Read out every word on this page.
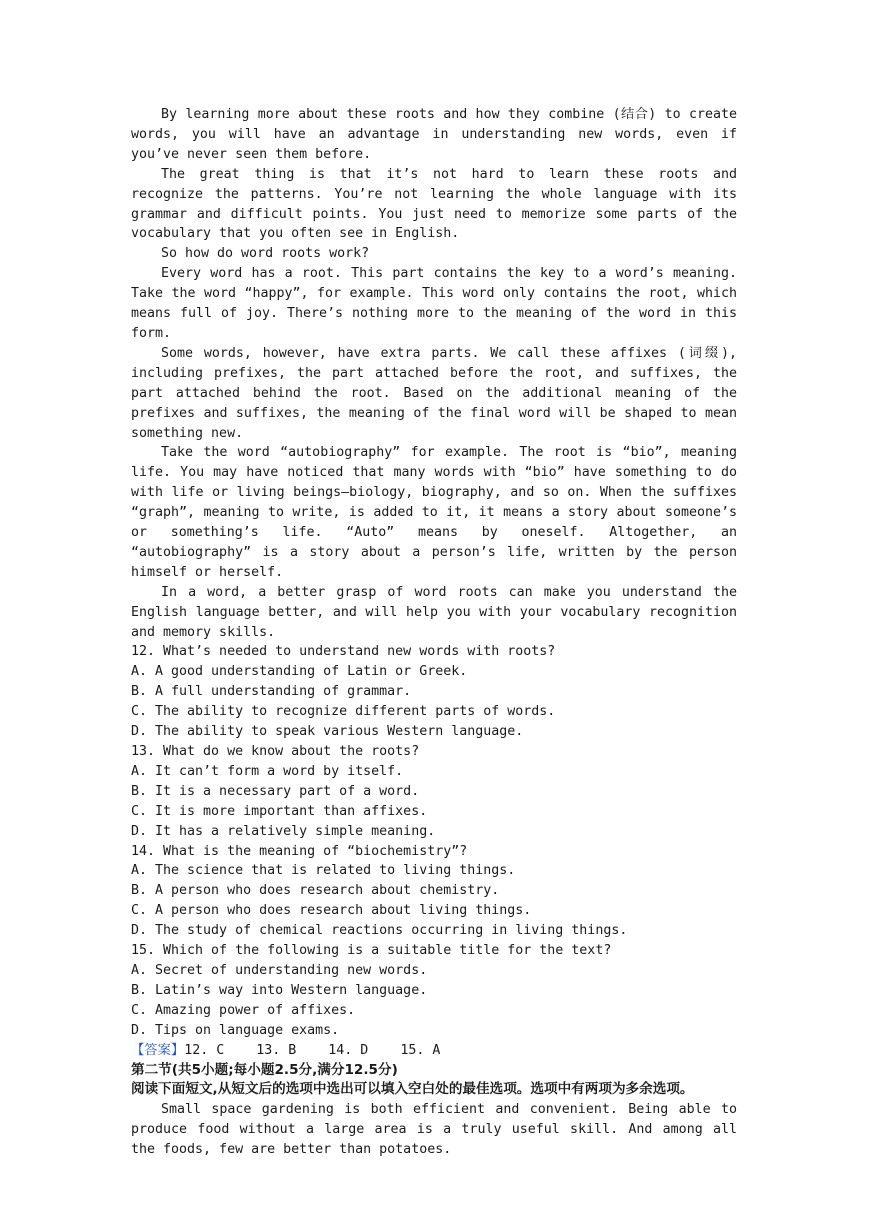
By learning more about these roots and how they combine (结合) to create words, you will have an advantage in understanding new words, even if you’ve never seen them before.

The great thing is that it’s not hard to learn these roots and recognize the patterns. You’re not learning the whole language with its grammar and difficult points. You just need to memorize some parts of the vocabulary that you often see in English.

So how do word roots work?

Every word has a root. This part contains the key to a word’s meaning. Take the word “happy”, for example. This word only contains the root, which means full of joy. There’s nothing more to the meaning of the word in this form.

Some words, however, have extra parts. We call these affixes (词缀), including prefixes, the part attached before the root, and suffixes, the part attached behind the root. Based on the additional meaning of the prefixes and suffixes, the meaning of the final word will be shaped to mean something new.

Take the word “autobiography” for example. The root is “bio”, meaning life. You may have noticed that many words with “bio” have something to do with life or living beings—biology, biography, and so on. When the suffixes “graph”, meaning to write, is added to it, it means a story about someone’s or something’s life. “Auto” means by oneself. Altogether, an “autobiography” is a story about a person’s life, written by the person himself or herself.

In a word, a better grasp of word roots can make you understand the English language better, and will help you with your vocabulary recognition and memory skills.

12. What’s needed to understand new words with roots?

A. A good understanding of Latin or Greek.

B. A full understanding of grammar.

C. The ability to recognize different parts of words.

D. The ability to speak various Western language.

13. What do we know about the roots?

A. It can’t form a word by itself.

B. It is a necessary part of a word.

C. It is more important than affixes.

D. It has a relatively simple meaning.

14. What is the meaning of “biochemistry”?

A. The science that is related to living things.

B. A person who does research about chemistry.

C. A person who does research about living things.

D. The study of chemical reactions occurring in living things.

15. Which of the following is a suitable title for the text?

A. Secret of understanding new words.

B. Latin’s way into Western language.

C. Amazing power of affixes.

D. Tips on language exams.

【答案】12. C    13. B    14. D    15. A

第二节(共5小题;每小题2.5分,满分12.5分)

阅读下面短文,从短文后的选项中选出可以填入空白处的最佳选项。选项中有两项为多余选项。

Small space gardening is both efficient and convenient. Being able to produce food without a large area is a truly useful skill. And among all the foods, few are better than potatoes.
